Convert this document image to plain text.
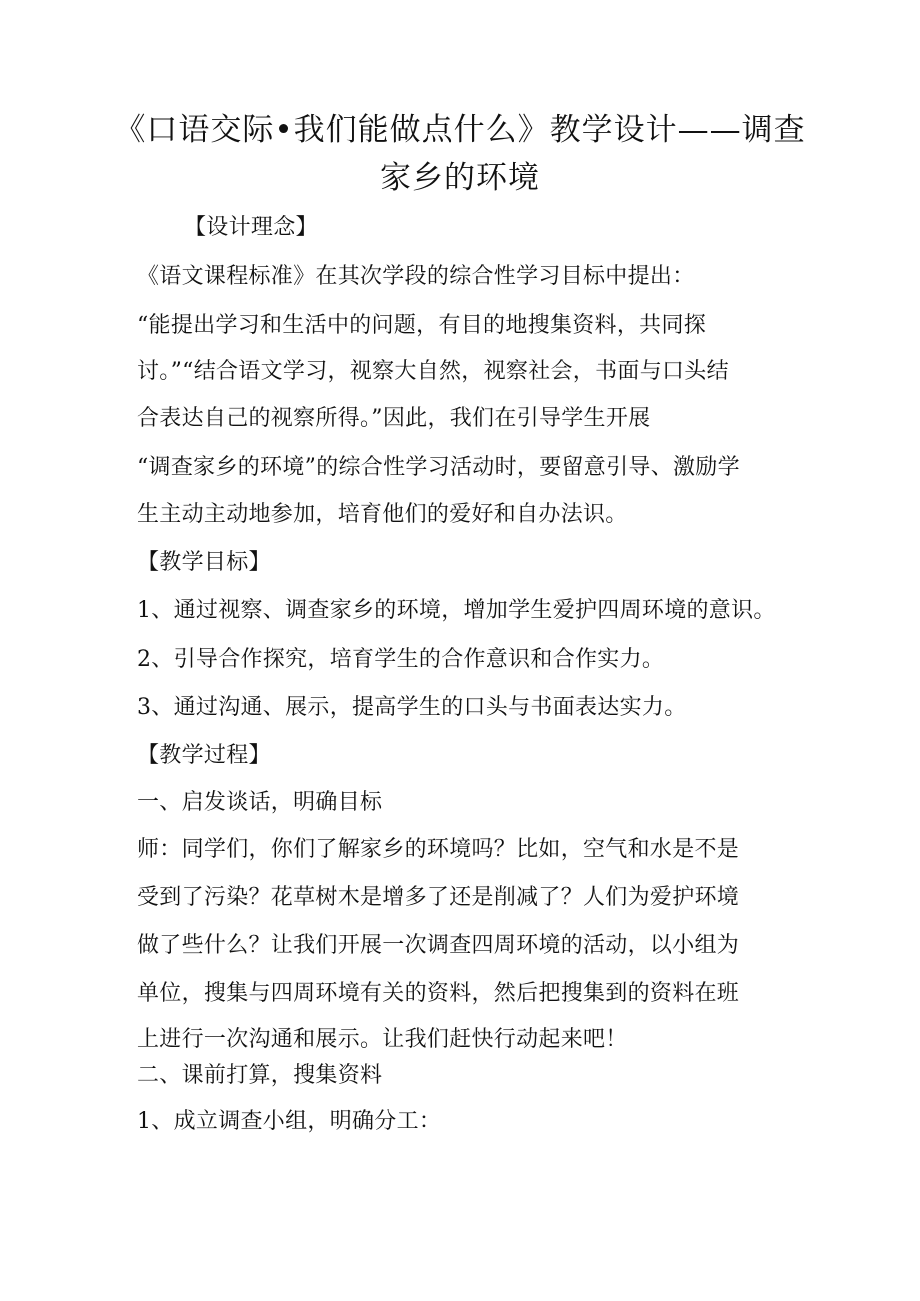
《口语交际•我们能做点什么》教学设计——调查
家乡的环境
【设计理念】
《语文课程标准》在其次学段的综合性学习目标中提出：
“能提出学习和生活中的问题，有目的地搜集资料，共同探
讨。”“结合语文学习，视察大自然，视察社会，书面与口头结
合表达自己的视察所得。”因此，我们在引导学生开展
“调查家乡的环境”的综合性学习活动时，要留意引导、激励学
生主动主动地参加，培育他们的爱好和自办法识。
【教学目标】
1、通过视察、调查家乡的环境，增加学生爱护四周环境的意识。
2、引导合作探究，培育学生的合作意识和合作实力。
3、通过沟通、展示，提高学生的口头与书面表达实力。
【教学过程】
一、启发谈话，明确目标
师：同学们，你们了解家乡的环境吗？比如，空气和水是不是
受到了污染？花草树木是增多了还是削减了？人们为爱护环境
做了些什么？让我们开展一次调查四周环境的活动，以小组为
单位，搜集与四周环境有关的资料，然后把搜集到的资料在班
上进行一次沟通和展示。让我们赶快行动起来吧！
二、课前打算，搜集资料
1、成立调查小组，明确分工：
